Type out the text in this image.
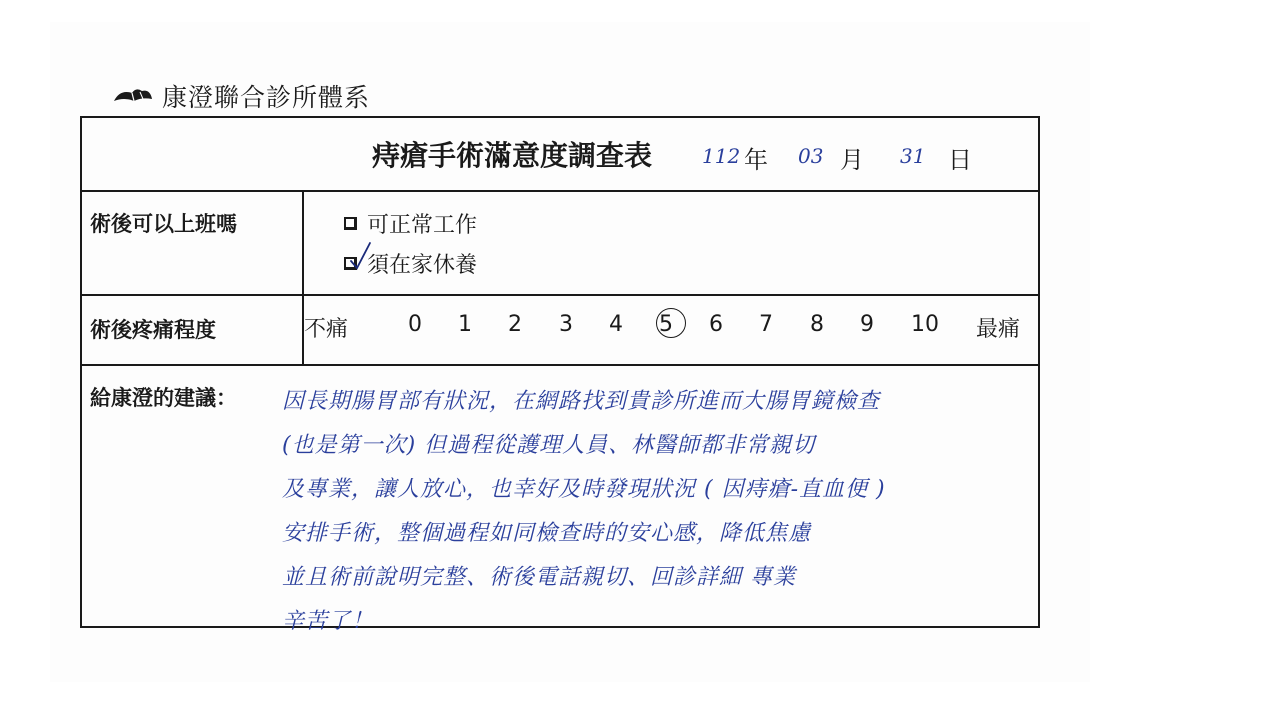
康澄聯合診所體系
痔瘡手術滿意度調查表 112 年 03 月 31 日
術後可以上班嗎	可正常工作
須在家休養
術後疼痛程度	不痛	0 1 2 3 4 5 6 7 8 9 10 最痛
給康澄的建議： 因長期腸胃部有狀況，在網路找到貴診所進而大腸胃鏡檢查
(也是第一次) 但過程從護理人員、林醫師都非常親切
及專業，讓人放心，也幸好及時發現狀況 ( 因痔瘡-直血便 )
安排手術，整個過程如同檢查時的安心感，降低焦慮
並且術前說明完整、術後電話親切、回診詳細 專業
辛苦了！
